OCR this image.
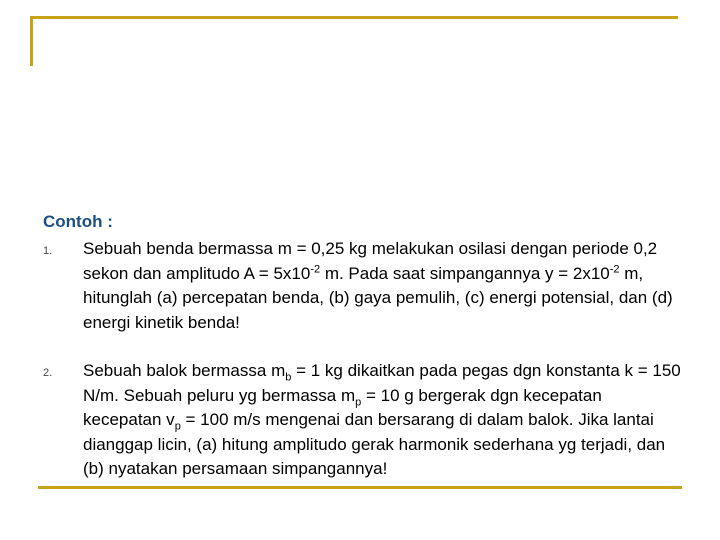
Contoh :
1. Sebuah benda bermassa m = 0,25 kg melakukan osilasi dengan periode 0,2 sekon dan amplitudo $A = 5x10^{-2}$ m. Pada saat simpangannya $y = 2x10^{-2}$ m, hitunglah (a) percepatan benda, (b) gaya pemulih, (c) energi potensial, dan (d) energi kinetik benda!
2. Sebuah balok bermassa $m_b = 1$ kg dikaitkan pada pegas dgn konstanta k = 150 N/m. Sebuah peluru yg bermassa $m_p = 10$ g bergerak dgn kecepatan kecepatan $v_p = 100$ m/s mengenai dan bersarang di dalam balok. Jika lantai dianggap licin, (a) hitung amplitudo gerak harmonik sederhana yg terjadi, dan (b) nyatakan persamaan simpangannya!
